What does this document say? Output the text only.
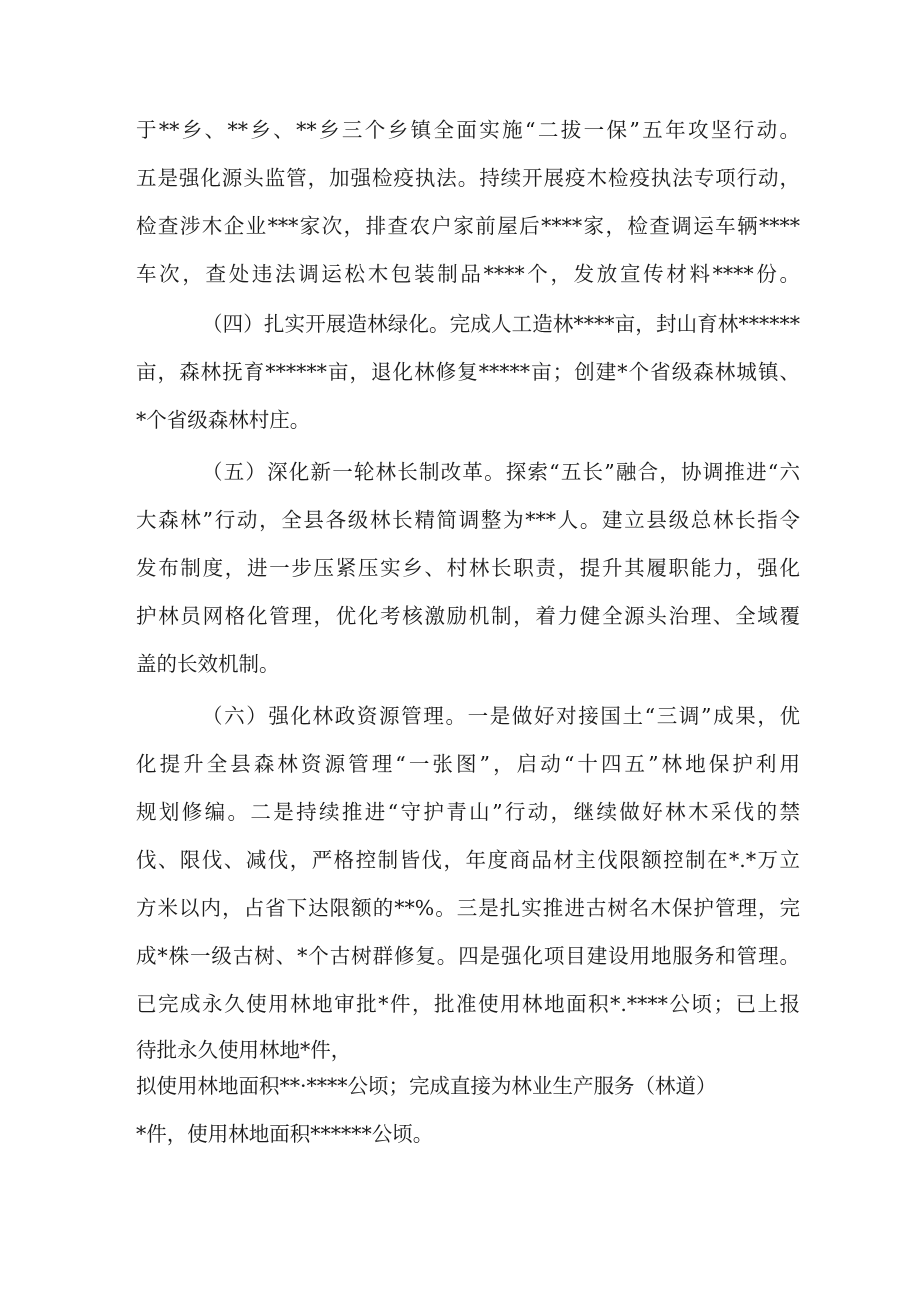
于**乡、**乡、**乡三个乡镇全面实施“二拔一保”五年攻坚行动。
五是强化源头监管，加强检疫执法。持续开展疫木检疫执法专项行动，
检查涉木企业***家次，排查农户家前屋后****家，检查调运车辆****
车次，查处违法调运松木包装制品****个，发放宣传材料****份。
（四）扎实开展造林绿化。完成人工造林****亩，封山育林******
亩，森林抚育******亩，退化林修复*****亩；创建*个省级森林城镇、
*个省级森林村庄。
（五）深化新一轮林长制改革。探索“五长”融合，协调推进“六
大森林”行动，全县各级林长精简调整为***人。建立县级总林长指令
发布制度，进一步压紧压实乡、村林长职责，提升其履职能力，强化
护林员网格化管理，优化考核激励机制，着力健全源头治理、全域覆
盖的长效机制。
（六）强化林政资源管理。一是做好对接国土“三调”成果，优
化提升全县森林资源管理“一张图”，启动“十四五”林地保护利用
规划修编。二是持续推进“守护青山”行动，继续做好林木采伐的禁
伐、限伐、减伐，严格控制皆伐，年度商品材主伐限额控制在*.*万立
方米以内，占省下达限额的**%。三是扎实推进古树名木保护管理，完
成*株一级古树、*个古树群修复。四是强化项目建设用地服务和管理。
已完成永久使用林地审批*件，批准使用林地面积*.****公顷；已上报
待批永久使用林地*件，
拟使用林地面积**·****公顷；完成直接为林业生产服务（林道）
*件，使用林地面积******公顷。
